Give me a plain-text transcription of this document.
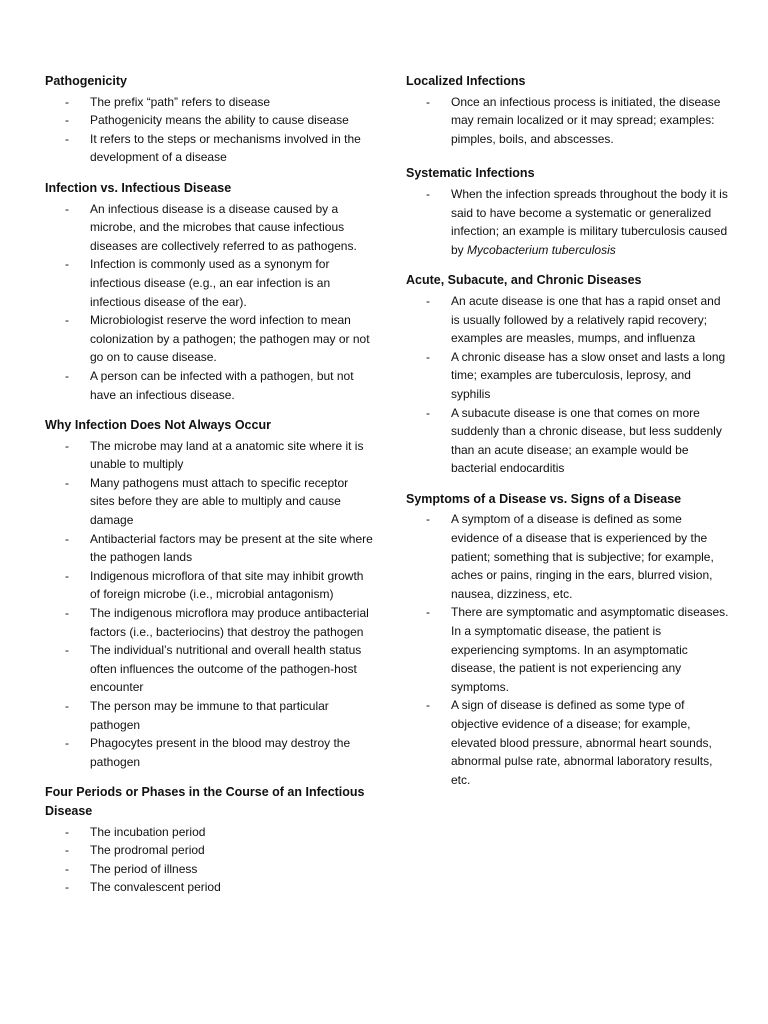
Pathogenicity
- The prefix “path” refers to disease
- Pathogenicity means the ability to cause disease
- It refers to the steps or mechanisms involved in the development of a disease
Infection vs. Infectious Disease
- An infectious disease is a disease caused by a microbe, and the microbes that cause infectious diseases are collectively referred to as pathogens.
- Infection is commonly used as a synonym for infectious disease (e.g., an ear infection is an infectious disease of the ear).
- Microbiologist reserve the word infection to mean colonization by a pathogen; the pathogen may or not go on to cause disease.
- A person can be infected with a pathogen, but not have an infectious disease.
Why Infection Does Not Always Occur
- The microbe may land at a anatomic site where it is unable to multiply
- Many pathogens must attach to specific receptor sites before they are able to multiply and cause damage
- Antibacterial factors may be present at the site where the pathogen lands
- Indigenous microflora of that site may inhibit growth of foreign microbe (i.e., microbial antagonism)
- The indigenous microflora may produce antibacterial factors (i.e., bacteriocins) that destroy the pathogen
- The individual’s nutritional and overall health status often influences the outcome of the pathogen-host encounter
- The person may be immune to that particular pathogen
- Phagocytes present in the blood may destroy the pathogen
Four Periods or Phases in the Course of an Infectious Disease
- The incubation period
- The prodromal period
- The period of illness
- The convalescent period
Localized Infections
- Once an infectious process is initiated, the disease may remain localized or it may spread; examples: pimples, boils, and abscesses.
Systematic Infections
- When the infection spreads throughout the body it is said to have become a systematic or generalized infection; an example is military tuberculosis caused by Mycobacterium tuberculosis
Acute, Subacute, and Chronic Diseases
- An acute disease is one that has a rapid onset and is usually followed by a relatively rapid recovery; examples are measles, mumps, and influenza
- A chronic disease has a slow onset and lasts a long time; examples are tuberculosis, leprosy, and syphilis
- A subacute disease is one that comes on more suddenly than a chronic disease, but less suddenly than an acute disease; an example would be bacterial endocarditis
Symptoms of a Disease vs. Signs of a Disease
- A symptom of a disease is defined as some evidence of a disease that is experienced by the patient; something that is subjective; for example, aches or pains, ringing in the ears, blurred vision, nausea, dizziness, etc.
- There are symptomatic and asymptomatic diseases. In a symptomatic disease, the patient is experiencing symptoms. In an asymptomatic disease, the patient is not experiencing any symptoms.
- A sign of disease is defined as some type of objective evidence of a disease; for example, elevated blood pressure, abnormal heart sounds, abnormal pulse rate, abnormal laboratory results, etc.
